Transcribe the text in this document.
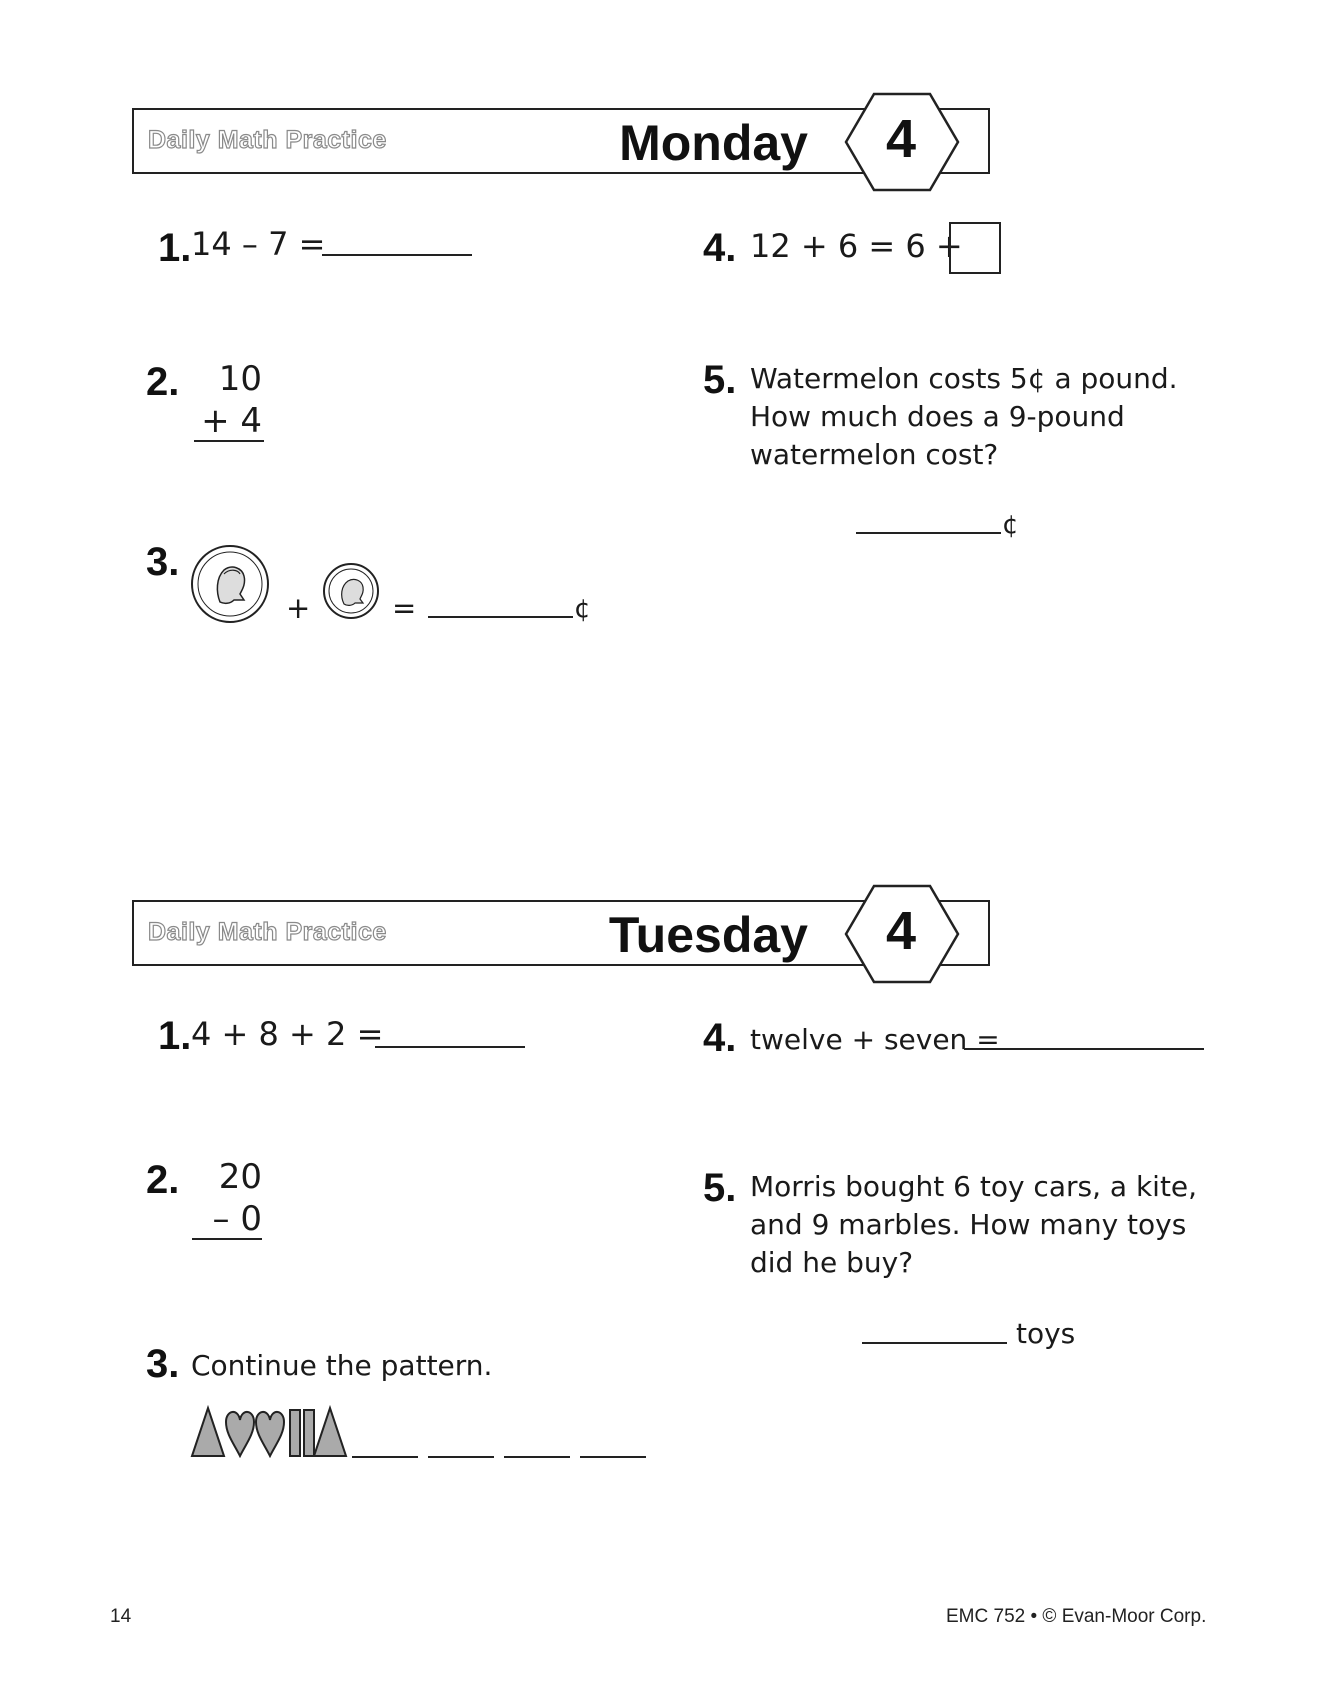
Daily Math Practice	Monday 4
1. 14 – 7 =
2.	10
+ 4
3.
+	=	¢
4. 12 + 6 = 6 +
5. Watermelon costs 5¢ a pound. How much does a 9-pound watermelon cost?
¢
Daily Math Practice	Tuesday 4
1. 4 + 8 + 2 =
2.	20
– 0
3. Continue the pattern.
4. twelve + seven =
5. Morris bought 6 toy cars, a kite, and 9 marbles. How many toys did he buy?
toys
14	EMC 752 • © Evan-Moor Corp.
